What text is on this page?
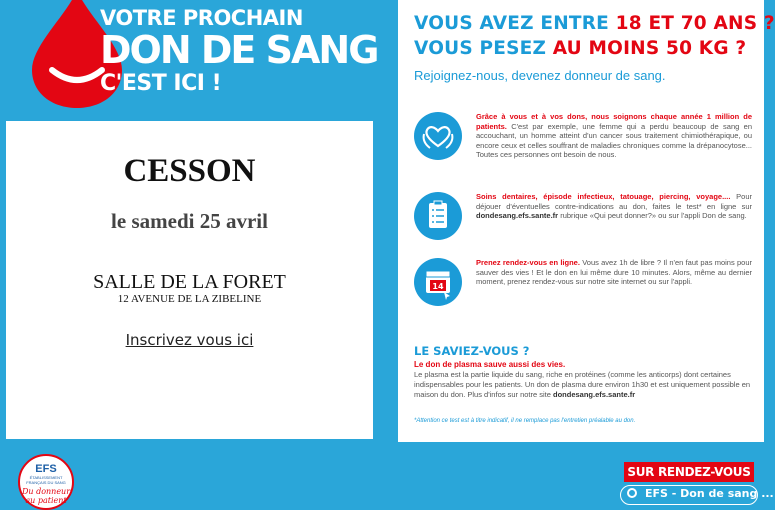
VOTRE PROCHAIN
DON DE SANG
C'EST ICI !
CESSON
le samedi 25 avril
SALLE DE LA FORET
12 AVENUE DE LA ZIBELINE
Inscrivez vous ici
EFS
ÉTABLISSEMENT FRANÇAIS DU SANG
Du donneur au patient
VOUS AVEZ ENTRE 18 ET 70 ANS ?
VOUS PESEZ AU MOINS 50 KG ?
Rejoignez-nous, devenez donneur de sang.
Grâce à vous et à vos dons, nous soignons chaque année 1 million de patients. C'est par exemple, une femme qui a perdu beaucoup de sang en accouchant, un homme atteint d'un cancer sous traitement chimiothérapique, ou encore ceux et celles souffrant de maladies chroniques comme la drépanocytose... Toutes ces personnes ont besoin de nous.
Soins dentaires, épisode infectieux, tatouage, piercing, voyage.... Pour déjouer d'éventuelles contre-indications au don, faites le test* en ligne sur dondesang.efs.sante.fr rubrique «Qui peut donner?» ou sur l'appli Don de sang.
14
Prenez rendez-vous en ligne. Vous avez 1h de libre ? Il n'en faut pas moins pour sauver des vies ! Et le don en lui même dure 10 minutes. Alors, même au dernier moment, prenez rendez-vous sur notre site internet ou sur l'appli.
LE SAVIEZ-VOUS ?
Le don de plasma sauve aussi des vies.
Le plasma est la partie liquide du sang, riche en protéines (comme les anticorps) dont certaines indispensables pour les patients. Un don de plasma dure environ 1h30 et est uniquement possible en maison du don. Plus d'infos sur notre site dondesang.efs.sante.fr
*Attention ce test est à titre indicatif, il ne remplace pas l'entretien préalable au don.
SUR RENDEZ-VOUS
EFS - Don de sang ...
